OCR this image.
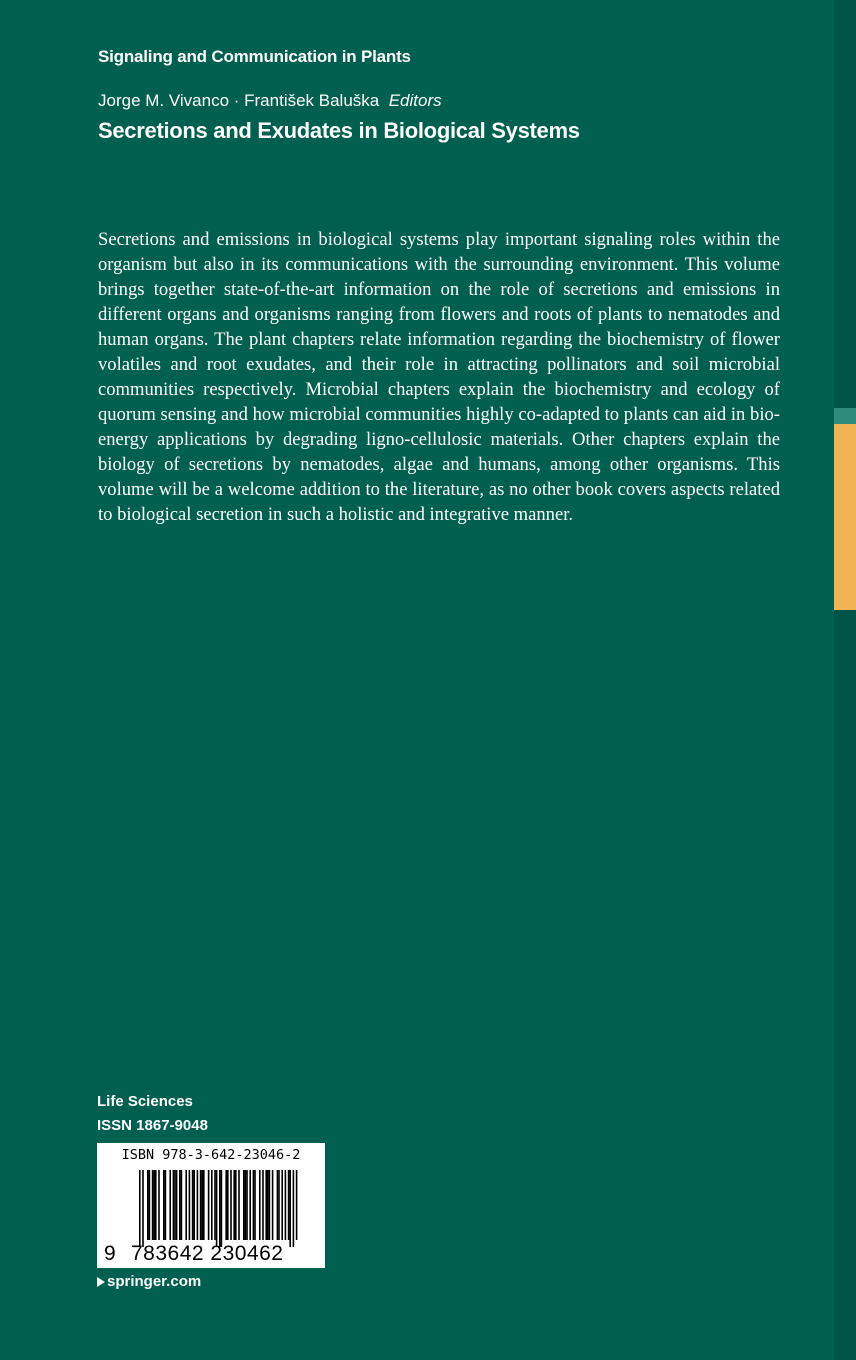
Signaling and Communication in Plants
Jorge M. Vivanco · František Baluška Editors
Secretions and Exudates in Biological Systems

Secretions and emissions in biological systems play important signaling roles within the organism but also in its communications with the surrounding environment. This volume brings together state-of-the-art information on the role of secretions and emissions in different organs and organisms ranging from flowers and roots of plants to nematodes and human organs. The plant chapters relate information regarding the biochemistry of flower volatiles and root exudates, and their role in attracting pollinators and soil microbial communities respectively. Microbial chapters explain the biochemistry and ecology of quorum sensing and how microbial communities highly co-adapted to plants can aid in bio-energy applications by degrading ligno-cellulosic materials. Other chapters explain the biology of secretions by nematodes, algae and humans, among other organisms. This volume will be a welcome addition to the literature, as no other book covers aspects related to biological secretion in such a holistic and integrative manner.

Life Sciences
ISSN 1867-9048
ISBN 978-3-642-23046-2
9 783642 230462
springer.com
